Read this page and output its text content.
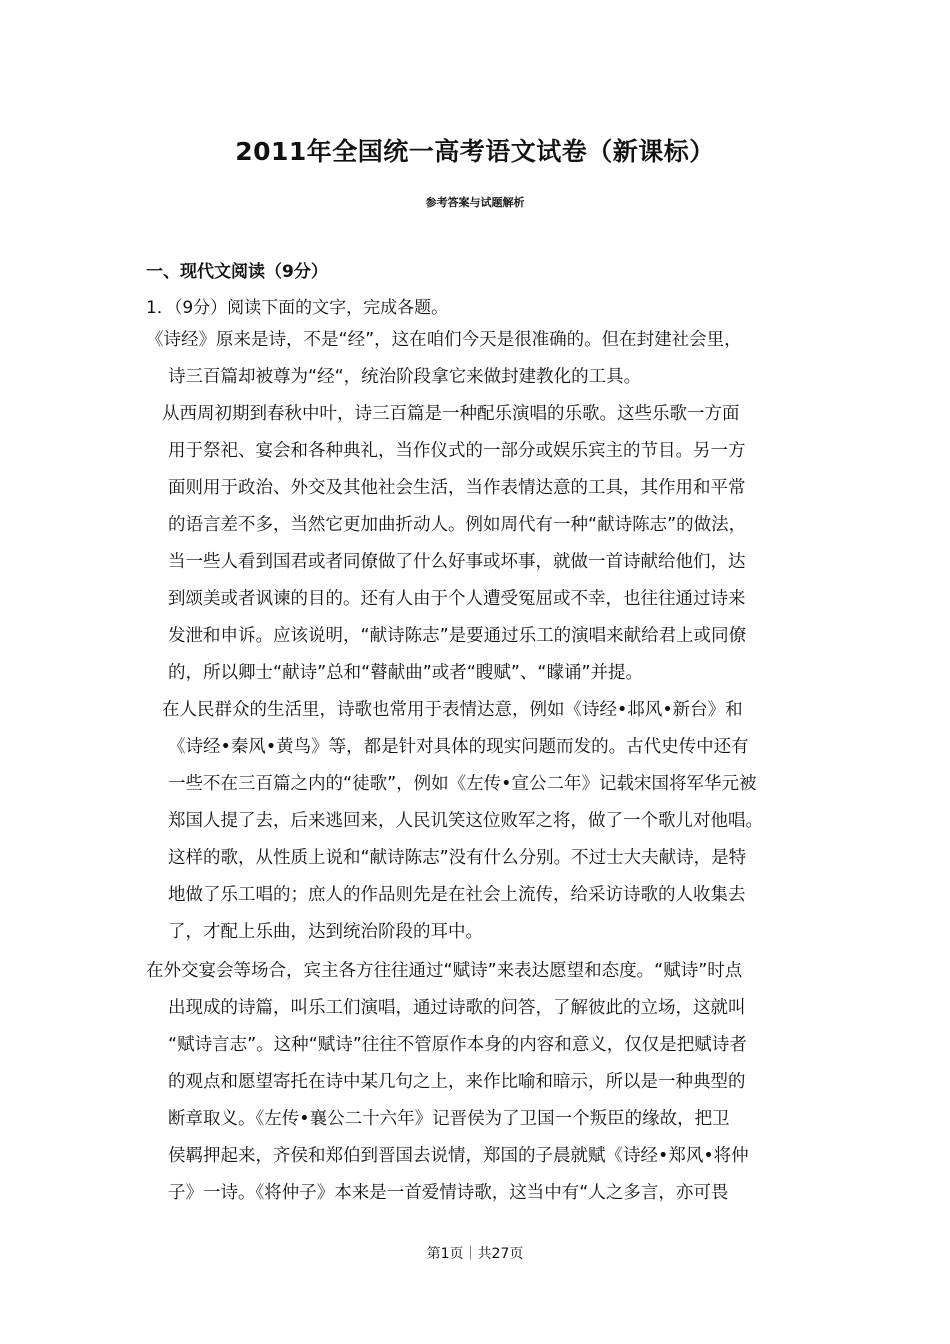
2011年全国统一高考语文试卷（新课标）
参考答案与试题解析
一、现代文阅读（9分）
1．（9分）阅读下面的文字，完成各题。
《诗经》原来是诗，不是“经”，这在咱们今天是很准确的。但在封建社会里，
诗三百篇却被尊为“经“，统治阶段拿它来做封建教化的工具。
从西周初期到春秋中叶，诗三百篇是一种配乐演唱的乐歌。这些乐歌一方面
用于祭祀、宴会和各种典礼，当作仪式的一部分或娱乐宾主的节目。另一方
面则用于政治、外交及其他社会生活，当作表情达意的工具，其作用和平常
的语言差不多，当然它更加曲折动人。例如周代有一种“献诗陈志”的做法，
当一些人看到国君或者同僚做了什么好事或坏事，就做一首诗献给他们，达
到颂美或者讽谏的目的。还有人由于个人遭受冤屈或不幸，也往往通过诗来
发泄和申诉。应该说明，“献诗陈志”是要通过乐工的演唱来献给君上或同僚
的，所以卿士“献诗”总和“瞽献曲”或者“瞍赋”、“矇诵”并提。
在人民群众的生活里，诗歌也常用于表情达意，例如《诗经•邶风•新台》和
《诗经•秦风•黄鸟》等，都是针对具体的现实问题而发的。古代史传中还有
一些不在三百篇之内的“徒歌”，例如《左传•宣公二年》记载宋国将军华元被
郑国人提了去，后来逃回来，人民讥笑这位败军之将，做了一个歌儿对他唱。
这样的歌，从性质上说和“献诗陈志”没有什么分别。不过士大夫献诗，是特
地做了乐工唱的；庶人的作品则先是在社会上流传，给采访诗歌的人收集去
了，才配上乐曲，达到统治阶段的耳中。
在外交宴会等场合，宾主各方往往通过“赋诗”来表达愿望和态度。“赋诗”时点
出现成的诗篇，叫乐工们演唱，通过诗歌的问答，了解彼此的立场，这就叫
“赋诗言志”。这种“赋诗”往往不管原作本身的内容和意义，仅仅是把赋诗者
的观点和愿望寄托在诗中某几句之上，来作比喻和暗示，所以是一种典型的
断章取义。《左传•襄公二十六年》记晋侯为了卫国一个叛臣的缘故，把卫
侯羁押起来，齐侯和郑伯到晋国去说情，郑国的子晨就赋《诗经•郑风•将仲
子》一诗。《将仲子》本来是一首爱情诗歌，这当中有“人之多言，亦可畏
第1页｜共27页
